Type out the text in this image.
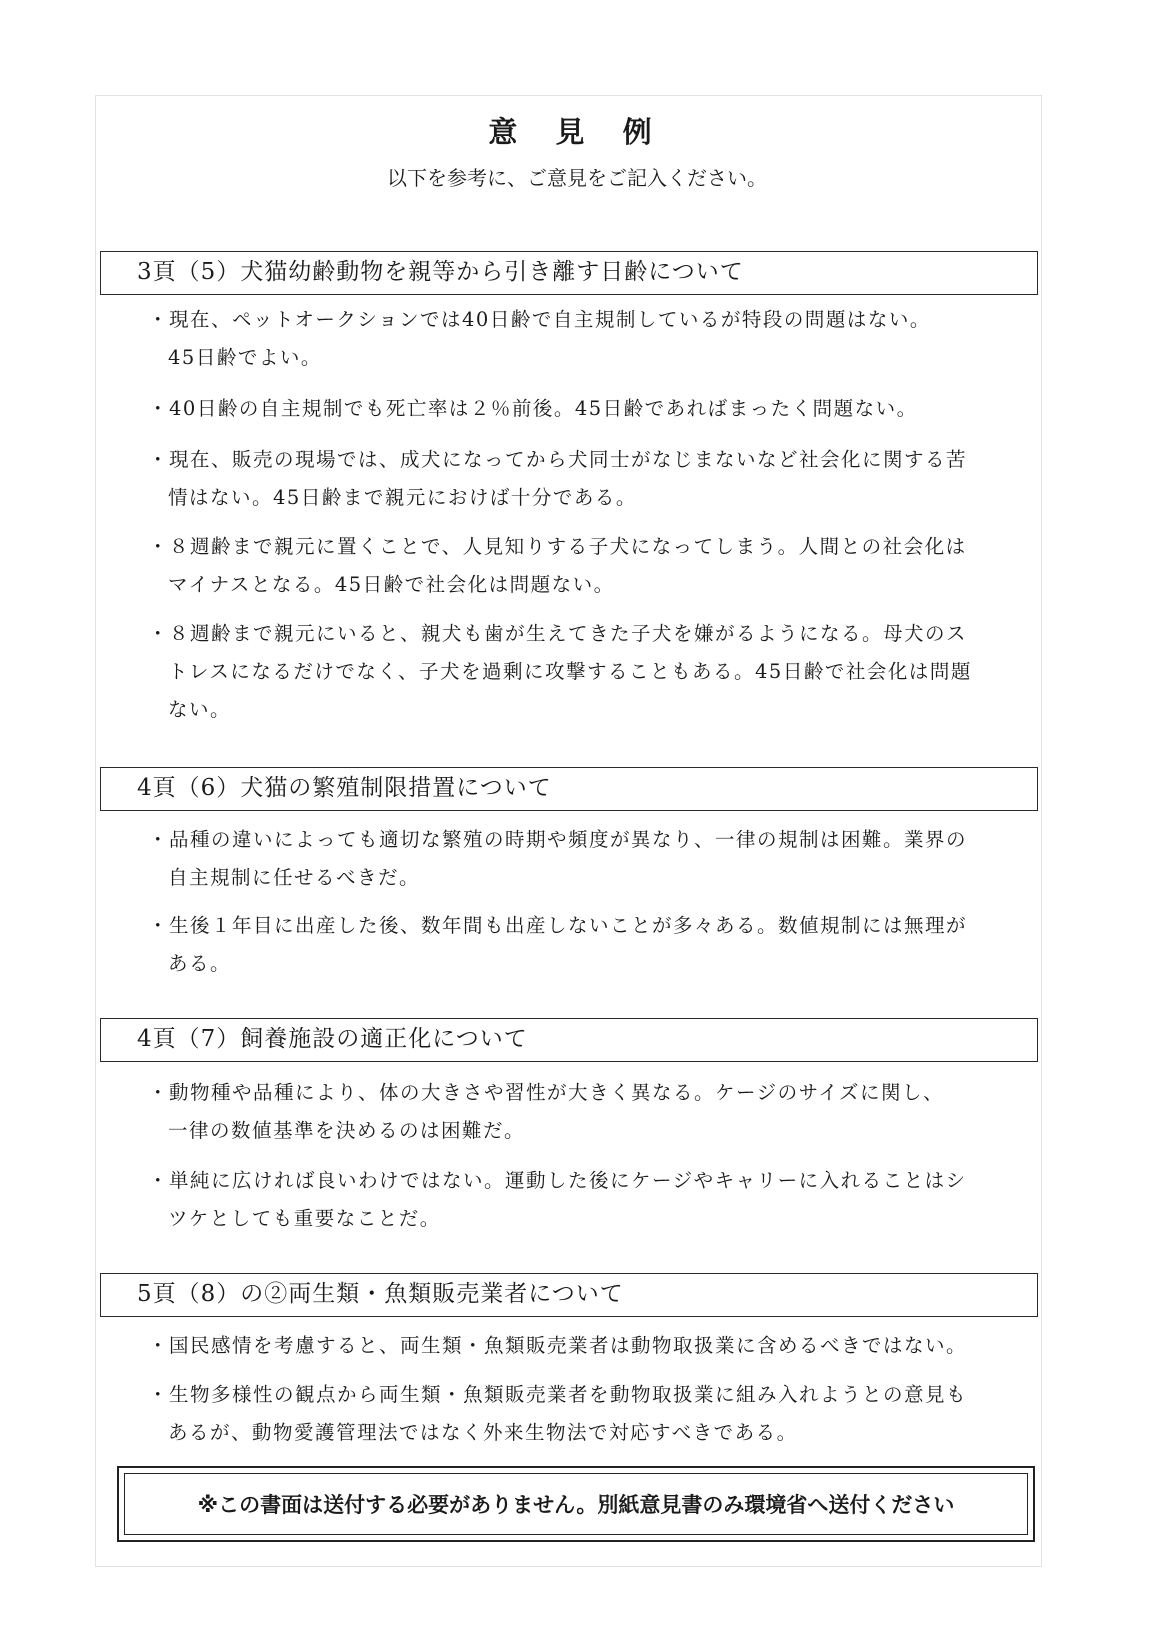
意 見 例
以下を参考に、ご意見をご記入ください。
3頁（5）犬猫幼齢動物を親等から引き離す日齢について
・現在、ペットオークションでは40日齢で自主規制しているが特段の問題はない。
45日齢でよい。
・40日齢の自主規制でも死亡率は２％前後。45日齢であればまったく問題ない。
・現在、販売の現場では、成犬になってから犬同士がなじまないなど社会化に関する苦
情はない。45日齢まで親元におけば十分である。
・８週齢まで親元に置くことで、人見知りする子犬になってしまう。人間との社会化は
マイナスとなる。45日齢で社会化は問題ない。
・８週齢まで親元にいると、親犬も歯が生えてきた子犬を嫌がるようになる。母犬のス
トレスになるだけでなく、子犬を過剰に攻撃することもある。45日齢で社会化は問題
ない。
4頁（6）犬猫の繁殖制限措置について
・品種の違いによっても適切な繁殖の時期や頻度が異なり、一律の規制は困難。業界の
自主規制に任せるべきだ。
・生後１年目に出産した後、数年間も出産しないことが多々ある。数値規制には無理が
ある。
4頁（7）飼養施設の適正化について
・動物種や品種により、体の大きさや習性が大きく異なる。ケージのサイズに関し、
一律の数値基準を決めるのは困難だ。
・単純に広ければ良いわけではない。運動した後にケージやキャリーに入れることはシ
ツケとしても重要なことだ。
5頁（8）の②両生類・魚類販売業者について
・国民感情を考慮すると、両生類・魚類販売業者は動物取扱業に含めるべきではない。
・生物多様性の観点から両生類・魚類販売業者を動物取扱業に組み入れようとの意見も
あるが、動物愛護管理法ではなく外来生物法で対応すべきである。
※この書面は送付する必要がありません。別紙意見書のみ環境省へ送付ください
